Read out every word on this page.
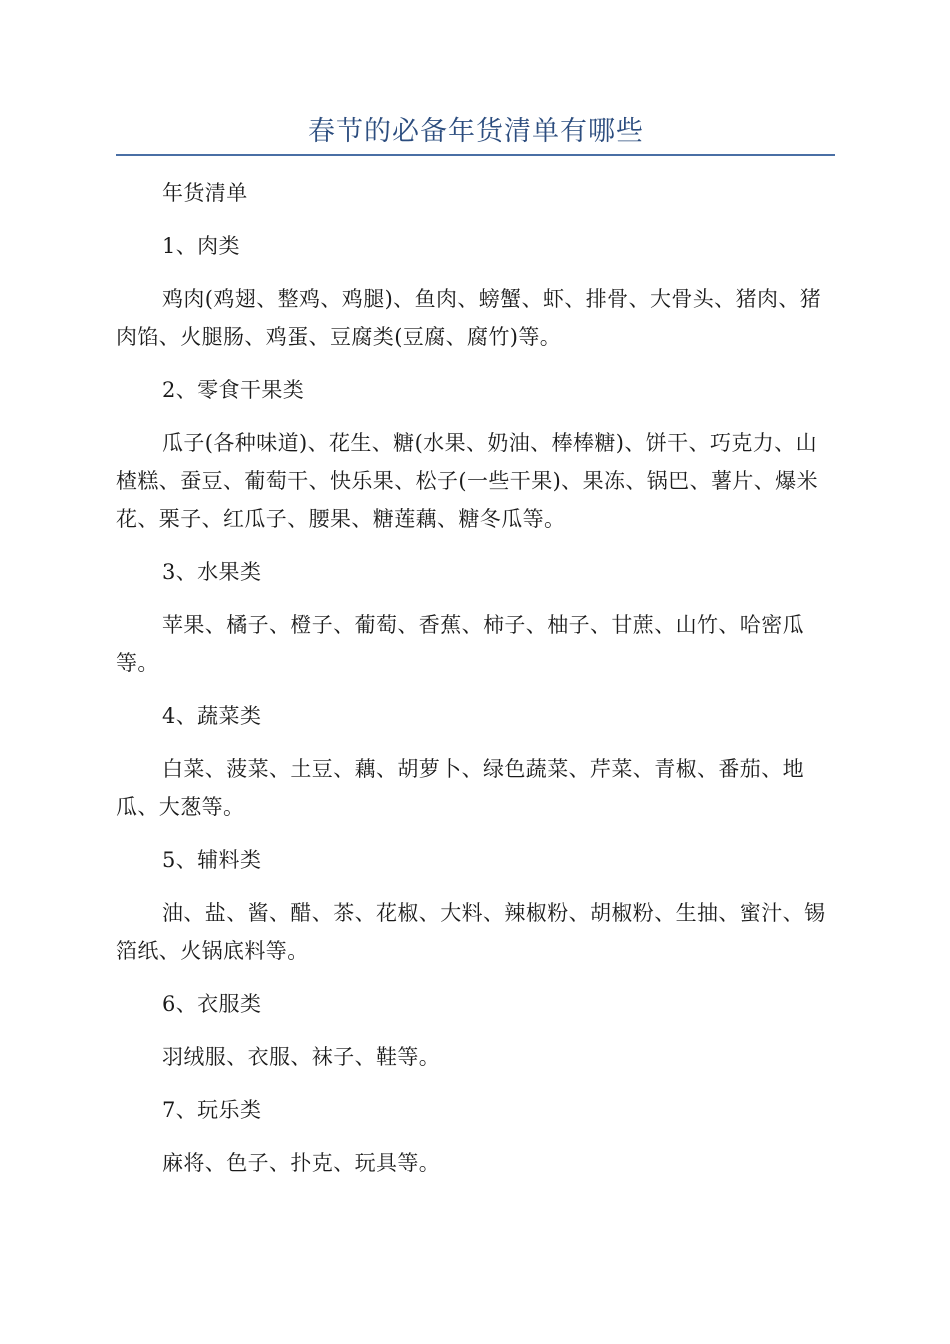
春节的必备年货清单有哪些

年货清单

1、肉类

鸡肉(鸡翅、整鸡、鸡腿)、鱼肉、螃蟹、虾、排骨、大骨头、猪肉、猪肉馅、火腿肠、鸡蛋、豆腐类(豆腐、腐竹)等。

2、零食干果类

瓜子(各种味道)、花生、糖(水果、奶油、棒棒糖)、饼干、巧克力、山楂糕、蚕豆、葡萄干、快乐果、松子(一些干果)、果冻、锅巴、薯片、爆米花、栗子、红瓜子、腰果、糖莲藕、糖冬瓜等。

3、水果类

苹果、橘子、橙子、葡萄、香蕉、柿子、柚子、甘蔗、山竹、哈密瓜等。

4、蔬菜类

白菜、菠菜、土豆、藕、胡萝卜、绿色蔬菜、芹菜、青椒、番茄、地瓜、大葱等。

5、辅料类

油、盐、酱、醋、茶、花椒、大料、辣椒粉、胡椒粉、生抽、蜜汁、锡箔纸、火锅底料等。

6、衣服类

羽绒服、衣服、袜子、鞋等。

7、玩乐类

麻将、色子、扑克、玩具等。
